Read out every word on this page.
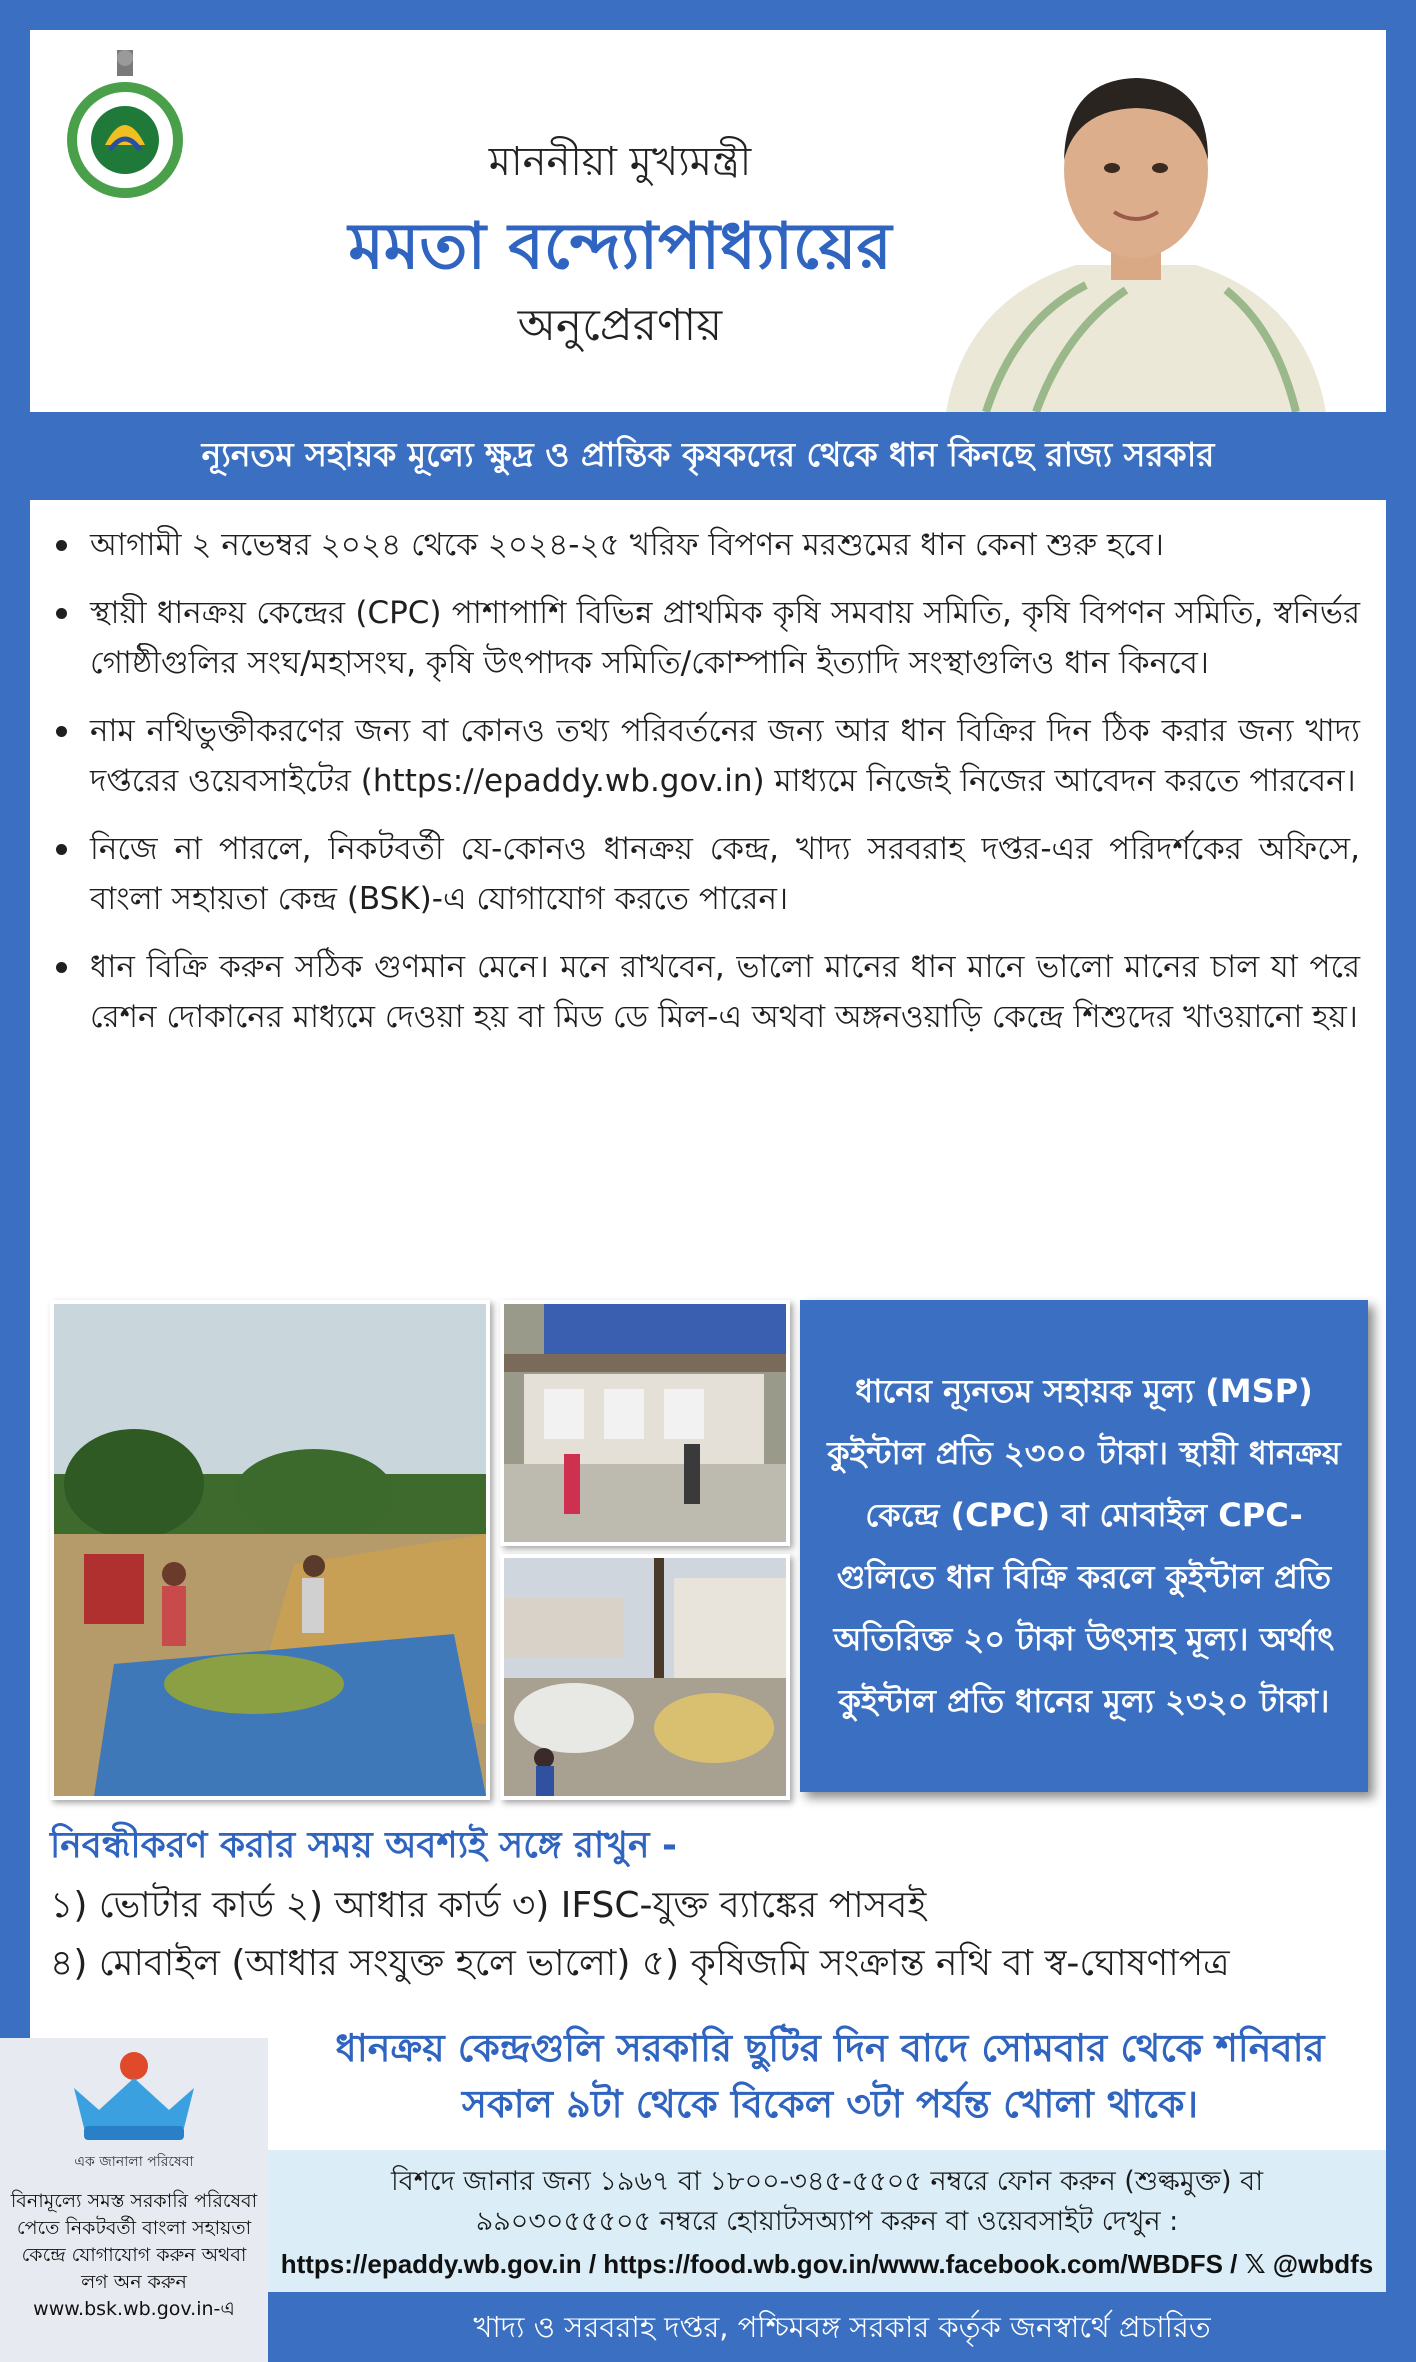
মাননীয়া মুখ্যমন্ত্রী
মমতা বন্দ্যোপাধ্যায়ের
অনুপ্রেরণায়
ন্যূনতম সহায়ক মূল্যে ক্ষুদ্র ও প্রান্তিক কৃষকদের থেকে ধান কিনছে রাজ্য সরকার
আগামী ২ নভেম্বর ২০২৪ থেকে ২০২৪-২৫ খরিফ বিপণন মরশুমের ধান কেনা শুরু হবে।
স্থায়ী ধানক্রয় কেন্দ্রের (CPC) পাশাপাশি বিভিন্ন প্রাথমিক কৃষি সমবায় সমিতি, কৃষি বিপণন সমিতি, স্বনির্ভর গোষ্ঠীগুলির সংঘ/মহাসংঘ, কৃষি উৎপাদক সমিতি/কোম্পানি ইত্যাদি সংস্থাগুলিও ধান কিনবে।
নাম নথিভুক্তীকরণের জন্য বা কোনও তথ্য পরিবর্তনের জন্য আর ধান বিক্রির দিন ঠিক করার জন্য খাদ্য দপ্তরের ওয়েবসাইটের (https://epaddy.wb.gov.in) মাধ্যমে নিজেই নিজের আবেদন করতে পারবেন।
নিজে না পারলে, নিকটবর্তী যে-কোনও ধানক্রয় কেন্দ্র, খাদ্য সরবরাহ দপ্তর-এর পরিদর্শকের অফিসে, বাংলা সহায়তা কেন্দ্র (BSK)-এ যোগাযোগ করতে পারেন।
ধান বিক্রি করুন সঠিক গুণমান মেনে। মনে রাখবেন, ভালো মানের ধান মানে ভালো মানের চাল যা পরে রেশন দোকানের মাধ্যমে দেওয়া হয় বা মিড ডে মিল-এ অথবা অঙ্গনওয়াড়ি কেন্দ্রে শিশুদের খাওয়ানো হয়।
ধানের ন্যূনতম সহায়ক মূল্য (MSP) কুইন্টাল প্রতি ২৩০০ টাকা। স্থায়ী ধানক্রয় কেন্দ্রে (CPC) বা মোবাইল CPC-গুলিতে ধান বিক্রি করলে কুইন্টাল প্রতি অতিরিক্ত ২০ টাকা উৎসাহ মূল্য। অর্থাৎ কুইন্টাল প্রতি ধানের মূল্য ২৩২০ টাকা।
নিবন্ধীকরণ করার সময় অবশ্যই সঙ্গে রাখুন -
১) ভোটার কার্ড ২) আধার কার্ড ৩) IFSC-যুক্ত ব্যাঙ্কের পাসবই
৪) মোবাইল (আধার সংযুক্ত হলে ভালো) ৫) কৃষিজমি সংক্রান্ত নথি বা স্ব-ঘোষণাপত্র
ধানক্রয় কেন্দ্রগুলি সরকারি ছুটির দিন বাদে সোমবার থেকে শনিবার সকাল ৯টা থেকে বিকেল ৩টা পর্যন্ত খোলা থাকে।
এক জানালা পরিষেবা
বিনামূল্যে সমস্ত সরকারি পরিষেবা পেতে নিকটবর্তী বাংলা সহায়তা কেন্দ্রে যোগাযোগ করুন অথবা লগ অন করুন www.bsk.wb.gov.in-এ
বিশদে জানার জন্য ১৯৬৭ বা ১৮০০-৩৪৫-৫৫০৫ নম্বরে ফোন করুন (শুল্কমুক্ত) বা
৯৯০৩০৫৫৫০৫ নম্বরে হোয়াটসঅ্যাপ করুন বা ওয়েবসাইট দেখুন :
https://epaddy.wb.gov.in / https://food.wb.gov.in/www.facebook.com/WBDFS / 𝕏 @wbdfs
খাদ্য ও সরবরাহ দপ্তর, পশ্চিমবঙ্গ সরকার কর্তৃক জনস্বার্থে প্রচারিত
